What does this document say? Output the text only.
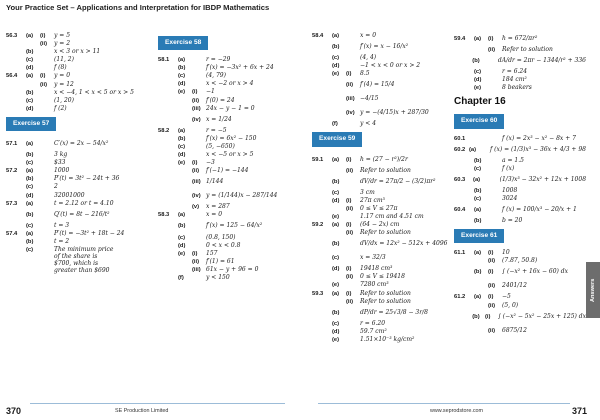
Your Practice Set – Applications and Interpretation for IBDP Mathematics
56.3	(a)	(i)	y = 5
(ii)	y = 2
(b)	x < 3 or x > 11
(c)	(11, 2)
(d)	f (8)
56.4	(a)	(i)	y = 0
(ii)	y = 12
(b)	x < −4, 1 < x < 5 or x > 5
(c)	(1, 20)
(d)	f (2)
Exercise 57
57.1	(a)	C′(x) = 2x − 54/x²
(b)	3 kg
(c)	$33
57.2	(a)	1000
(b)	P′(t) = 3t² − 24t + 36
(c)	2
(d)	32001000
57.3	(a)	t = 2.12 or t = 4.10
(b)	Q′(t) = 8t − 216/t²
(c)	t = 3
57.4	(a)	P′(t) = −3t² + 18t − 24
(b)	t = 2
(c)	The minimum price of the share is $700, which is greater than $690
Exercise 58
58.1	(a)	r = −29
(b)	f′(x) = −3x² + 6x + 24
(c)	(4, 79)
(d)	x < −2 or x > 4
(e)	(i)	−1
(ii)	f′(0) = 24
(iii) 24x − y − 1 = 0
(iv) x = 1/24
58.2	(a)	r = −5
(b)	f′(x) = 6x² − 150
(c)	(5, −650)
(d)	x < −5 or x > 5
(e)	(i)	−3
(ii)	f′(−1) = −144
(iii) 1/144
(iv) y = (1/144)x − 287/144
(v)	x = 287
58.3	(a)	x = 0
(b)	f′(x) = 125 − 64/x²
(c)	(0.8, 150)
(d)	0 < x < 0.8
(e)	(i)	157
(ii)	f′(1) = 61
(iii) 61x − y + 96 = 0
(f)	y < 150
58.4	(a)	x = 0
(b)	f′(x) = x − 16/x²
(c)	(4, 4)
(d)	−1 < x < 0 or x > 2
(e)	(i)	8.5
(ii)	f′(4) = 15/4
(iii) −4/15
(iv) y = −(4/15)x + 287/30
(f)	y < 4
Exercise 59
59.1	(a)	(i)	h = (27 − r²)/2r
(ii)	Refer to solution
(b)	dV/dr = 27π/2 − (3/2)πr²
(c)	3 cm
(d)	(i)	27π cm³
(ii)	0 ≤ V ≤ 27π
(e)	1.17 cm and 4.51 cm
59.2	(a)	(i)	(64 − 2x) cm
(ii)	Refer to solution
(b)	dV/dx = 12x² − 512x + 4096
(c)	x = 32/3
(d)	(i)	19418 cm³
(ii)	0 ≤ V ≤ 19418
(e)	7280 cm³
59.3	(a)	(i)	Refer to solution
(ii)	Refer to solution
(b)	dP/dr = 25√3/8 − 3r/8
(c)	r = 6.20
(d)	59.7 cm²
(e)	1.51×10⁻³ kg/cm²
59.4	(a)	(i)	h = 672/πr²
(ii)	Refer to solution
(b)	dA/dr = 2πr − 1344/r² + 336
(c)	r = 6.24
(d)	184 cm²
(e)	8 beakers
Chapter 16
Exercise 60
60.1	f (x) = 2x³ − x² − 8x + 7
60.2 (a)	f (x) = (1/3)x³ − 36x + 4/3 + 98
(b)	a = 1.5
(c)	f (x)
60.3	(a)	(1/3)x³ − 32x² + 12x + 1008
(b)	1008
(c)	3024
60.4	(a)	f (x) = 100/x³ − 20/x + 1
(b)	b = 20
Exercise 61
61.1	(a)	(i)	10
(ii)	(7.87, 50.8)
(b)	(i)	∫ (−x² + 16x − 60) dx
(ii)	2401/12
61.2	(a)	(i)	−5
(ii)	(5, 0)
(b) (i)	∫ (−x² − 5x² − 25x + 125) dx
(ii)	6875/12
Answers
370	SE Production Limited	www.seprodstore.com	371
